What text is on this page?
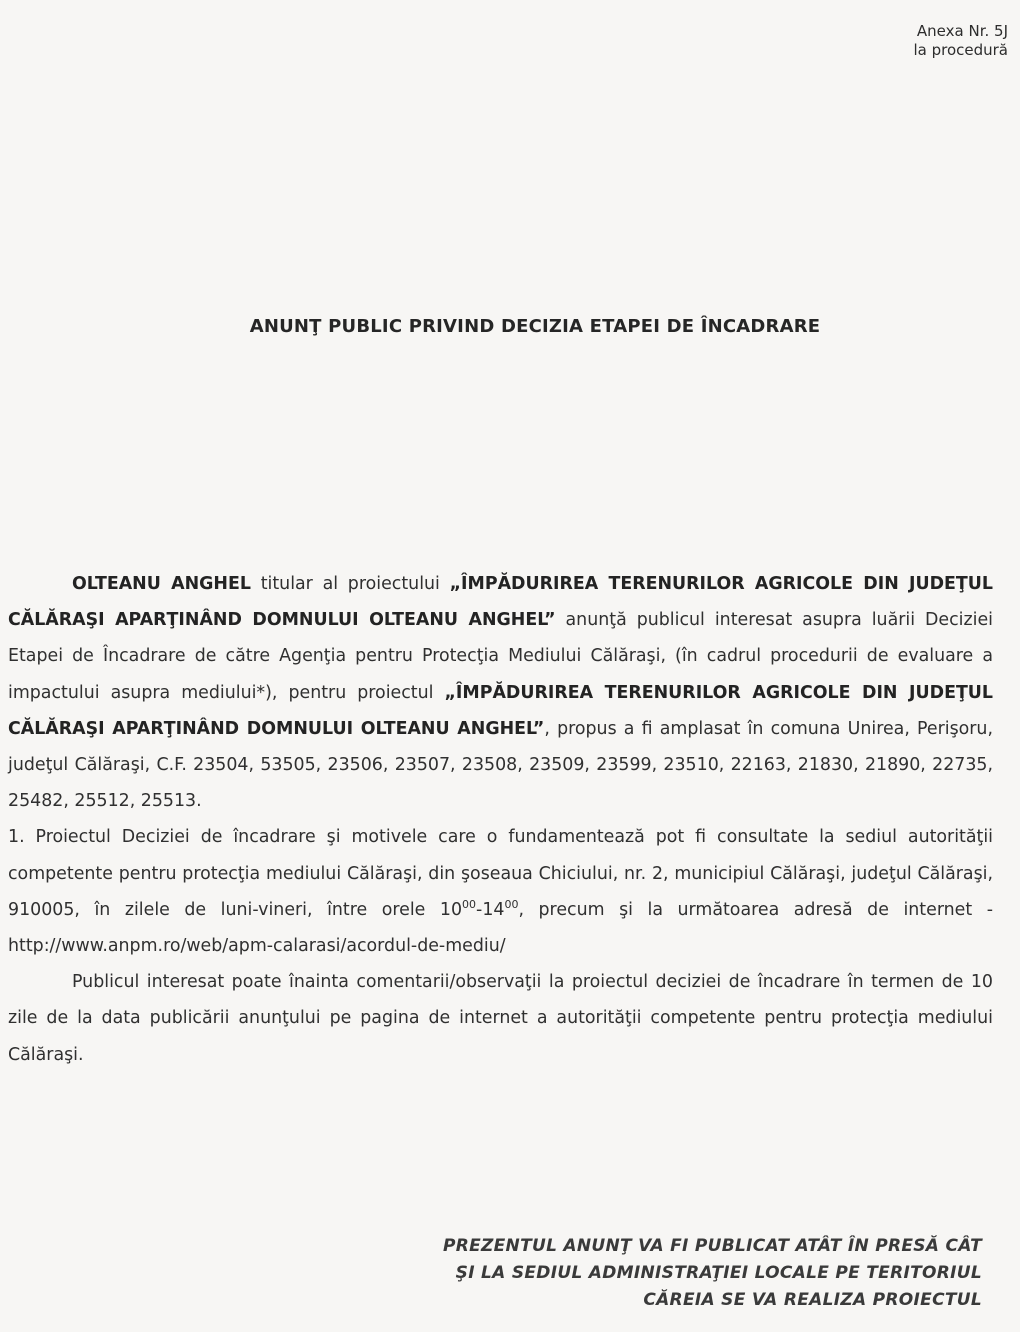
Anexa Nr. 5J
la procedură
ANUNŢ PUBLIC PRIVIND DECIZIA ETAPEI DE ÎNCADRARE

OLTEANU ANGHEL titular al proiectului „ÎMPĂDURIREA TERENURILOR AGRICOLE DIN JUDEŢUL CĂLĂRAŞI APARŢINÂND DOMNULUI OLTEANU ANGHEL” anunţă publicul interesat asupra luării Deciziei Etapei de Încadrare de către Agenţia pentru Protecţia Mediului Călăraşi, (în cadrul procedurii de evaluare a impactului asupra mediului*), pentru proiectul „ÎMPĂDURIREA TERENURILOR AGRICOLE DIN JUDEŢUL CĂLĂRAŞI APARŢINÂND DOMNULUI OLTEANU ANGHEL”, propus a fi amplasat în comuna Unirea, Perişoru, judeţul Călăraşi, C.F. 23504, 53505, 23506, 23507, 23508, 23509, 23599, 23510, 22163, 21830, 21890, 22735, 25482, 25512, 25513.

1. Proiectul Deciziei de încadrare şi motivele care o fundamentează pot fi consultate la sediul autorităţii competente pentru protecţia mediului Călăraşi, din şoseaua Chiciului, nr. 2, municipiul Călăraşi, judeţul Călăraşi, 910005, în zilele de luni-vineri, între orele $10^{00}-14^{00}$, precum şi la următoarea adresă de internet - http://www.anpm.ro/web/apm-calarasi/acordul-de-mediu/

Publicul interesat poate înainta comentarii/observaţii la proiectul deciziei de încadrare în termen de 10 zile de la data publicării anunţului pe pagina de internet a autorităţii competente pentru protecţia mediului Călăraşi.

PREZENTUL ANUNŢ VA FI PUBLICAT ATÂT ÎN PRESĂ CÂT
ŞI LA SEDIUL ADMINISTRAŢIEI LOCALE PE TERITORIUL
CĂREIA SE VA REALIZA PROIECTUL
